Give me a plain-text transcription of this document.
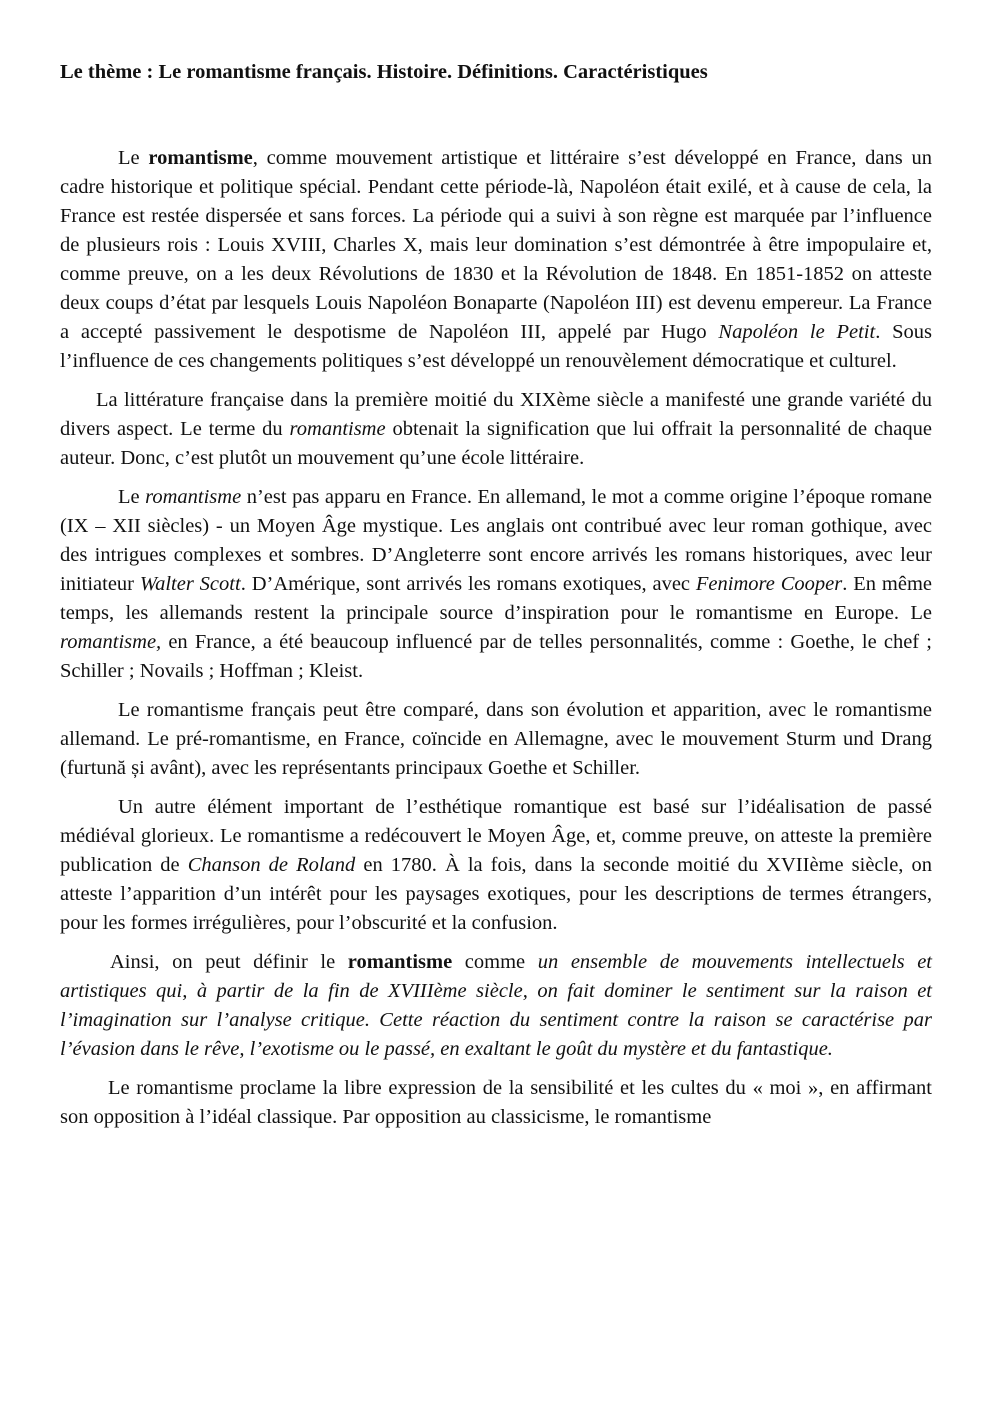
Le thème : Le romantisme français. Histoire. Définitions. Caractéristiques

Le romantisme, comme mouvement artistique et littéraire s’est développé en France, dans un cadre historique et politique spécial. Pendant cette période-là, Napoléon était exilé, et à cause de cela, la France est restée dispersée et sans forces. La période qui a suivi à son règne est marquée par l’influence de plusieurs rois : Louis XVIII, Charles X, mais leur domination s’est démontrée à être impopulaire et, comme preuve, on a les deux Révolutions de 1830 et la Révolution de 1848. En 1851-1852 on atteste deux coups d’état par lesquels Louis Napoléon Bonaparte (Napoléon III) est devenu empereur. La France a accepté passivement le despotisme de Napoléon III, appelé par Hugo Napoléon le Petit. Sous l’influence de ces changements politiques s’est développé un renouvèlement démocratique et culturel.

La littérature française dans la première moitié du XIXème siècle a manifesté une grande variété du divers aspect. Le terme du romantisme obtenait la signification que lui offrait la personnalité de chaque auteur. Donc, c’est plutôt un mouvement qu’une école littéraire.

Le romantisme n’est pas apparu en France. En allemand, le mot a comme origine l’époque romane (IX – XII siècles) - un Moyen Âge mystique. Les anglais ont contribué avec leur roman gothique, avec des intrigues complexes et sombres. D’Angleterre sont encore arrivés les romans historiques, avec leur initiateur Walter Scott. D’Amérique, sont arrivés les romans exotiques, avec Fenimore Cooper. En même temps, les allemands restent la principale source d’inspiration pour le romantisme en Europe. Le romantisme, en France, a été beaucoup influencé par de telles personnalités, comme : Goethe, le chef ; Schiller ; Novails ; Hoffman ; Kleist.

Le romantisme français peut être comparé, dans son évolution et apparition, avec le romantisme allemand. Le pré-romantisme, en France, coïncide en Allemagne, avec le mouvement Sturm und Drang (furtună și avânt), avec les représentants principaux Goethe et Schiller.

Un autre élément important de l’esthétique romantique est basé sur l’idéalisation de passé médiéval glorieux. Le romantisme a redécouvert le Moyen Âge, et, comme preuve, on atteste la première publication de Chanson de Roland en 1780. À la fois, dans la seconde moitié du XVIIème siècle, on atteste l’apparition d’un intérêt pour les paysages exotiques, pour les descriptions de termes étrangers, pour les formes irrégulières, pour l’obscurité et la confusion.

Ainsi, on peut définir le romantisme comme un ensemble de mouvements intellectuels et artistiques qui, à partir de la fin de XVIIIème siècle, on fait dominer le sentiment sur la raison et l’imagination sur l’analyse critique. Cette réaction du sentiment contre la raison se caractérise par l’évasion dans le rêve, l’exotisme ou le passé, en exaltant le goût du mystère et du fantastique.

Le romantisme proclame la libre expression de la sensibilité et les cultes du « moi », en affirmant son opposition à l’idéal classique. Par opposition au classicisme, le romantisme
